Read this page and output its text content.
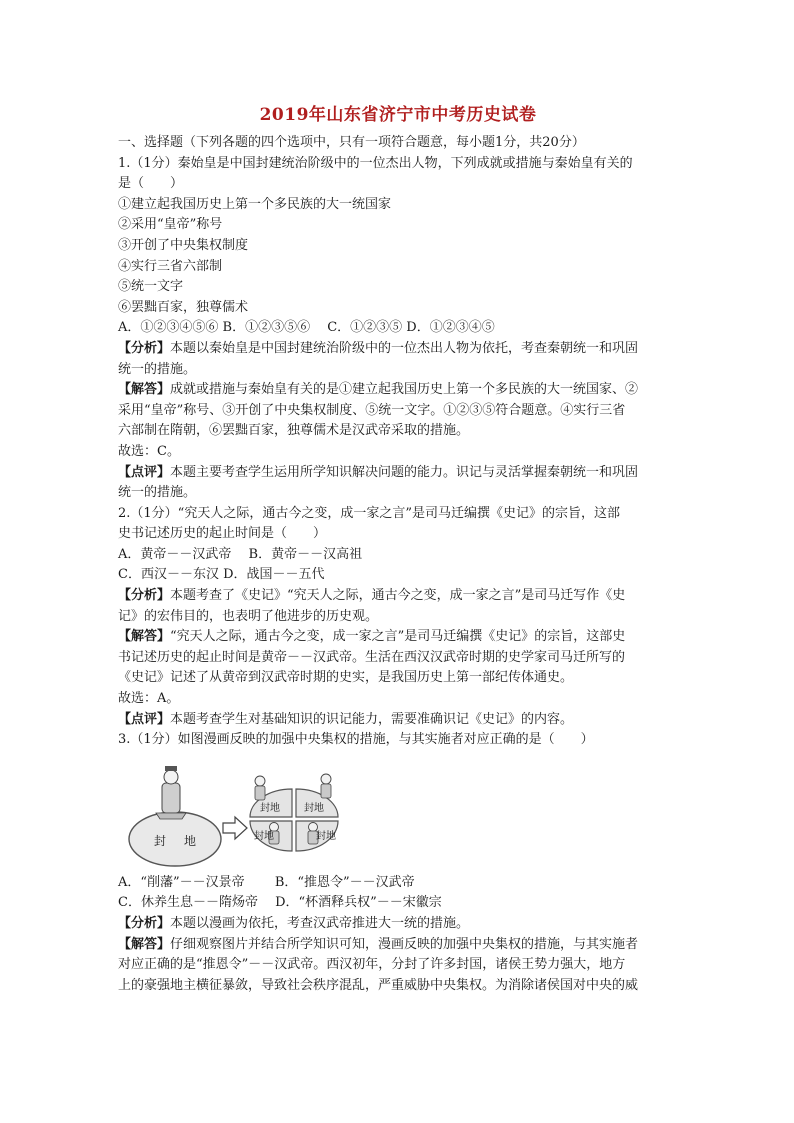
2019年山东省济宁市中考历史试卷
一、选择题（下列各题的四个选项中，只有一项符合题意，每小题1分，共20分）
1.（1分）秦始皇是中国封建统治阶级中的一位杰出人物，下列成就或措施与秦始皇有关的
是（　　）
①建立起我国历史上第一个多民族的大一统国家
②采用“皇帝”称号
③开创了中央集权制度
④实行三省六部制
⑤统一文字
⑥罢黜百家，独尊儒术
A．①②③④⑤⑥ B．①②③⑤⑥　 C．①②③⑤ D．①②③④⑤
【分析】本题以秦始皇是中国封建统治阶级中的一位杰出人物为依托，考查秦朝统一和巩固
统一的措施。
【解答】成就或措施与秦始皇有关的是①建立起我国历史上第一个多民族的大一统国家、②
采用“皇帝”称号、③开创了中央集权制度、⑤统一文字。①②③⑤符合题意。④实行三省
六部制在隋朝，⑥罢黜百家，独尊儒术是汉武帝采取的措施。
故选：C。
【点评】本题主要考查学生运用所学知识解决问题的能力。识记与灵活掌握秦朝统一和巩固
统一的措施。
2.（1分）“究天人之际，通古今之变，成一家之言”是司马迁编撰《史记》的宗旨，这部
史书记述历史的起止时间是（　　）
A．黄帝－－汉武帝　 B．黄帝－－汉高祖
C．西汉－－东汉 D．战国－－五代
【分析】本题考查了《史记》“究天人之际，通古今之变，成一家之言”是司马迁写作《史
记》的宏伟目的，也表明了他进步的历史观。
【解答】“究天人之际，通古今之变，成一家之言”是司马迁编撰《史记》的宗旨，这部史
书记述历史的起止时间是黄帝－－汉武帝。生活在西汉汉武帝时期的史学家司马迁所写的
《史记》记述了从黄帝到汉武帝时期的史实，是我国历史上第一部纪传体通史。
故选：A。
【点评】本题考查学生对基础知识的识记能力，需要准确识记《史记》的内容。
3.（1分）如图漫画反映的加强中央集权的措施，与其实施者对应正确的是（　　）
封 地
封地 封地
封地	封地
A．“削藩”－－汉景帝　　 B．“推恩令”－－汉武帝
C．休养生息－－隋炀帝　 D．“杯酒释兵权”－－宋徽宗
【分析】本题以漫画为依托，考查汉武帝推进大一统的措施。
【解答】仔细观察图片并结合所学知识可知，漫画反映的加强中央集权的措施，与其实施者
对应正确的是“推恩令”－－汉武帝。西汉初年，分封了许多封国，诸侯王势力强大，地方
上的豪强地主横征暴敛，导致社会秩序混乱，严重威胁中央集权。为消除诸侯国对中央的威
